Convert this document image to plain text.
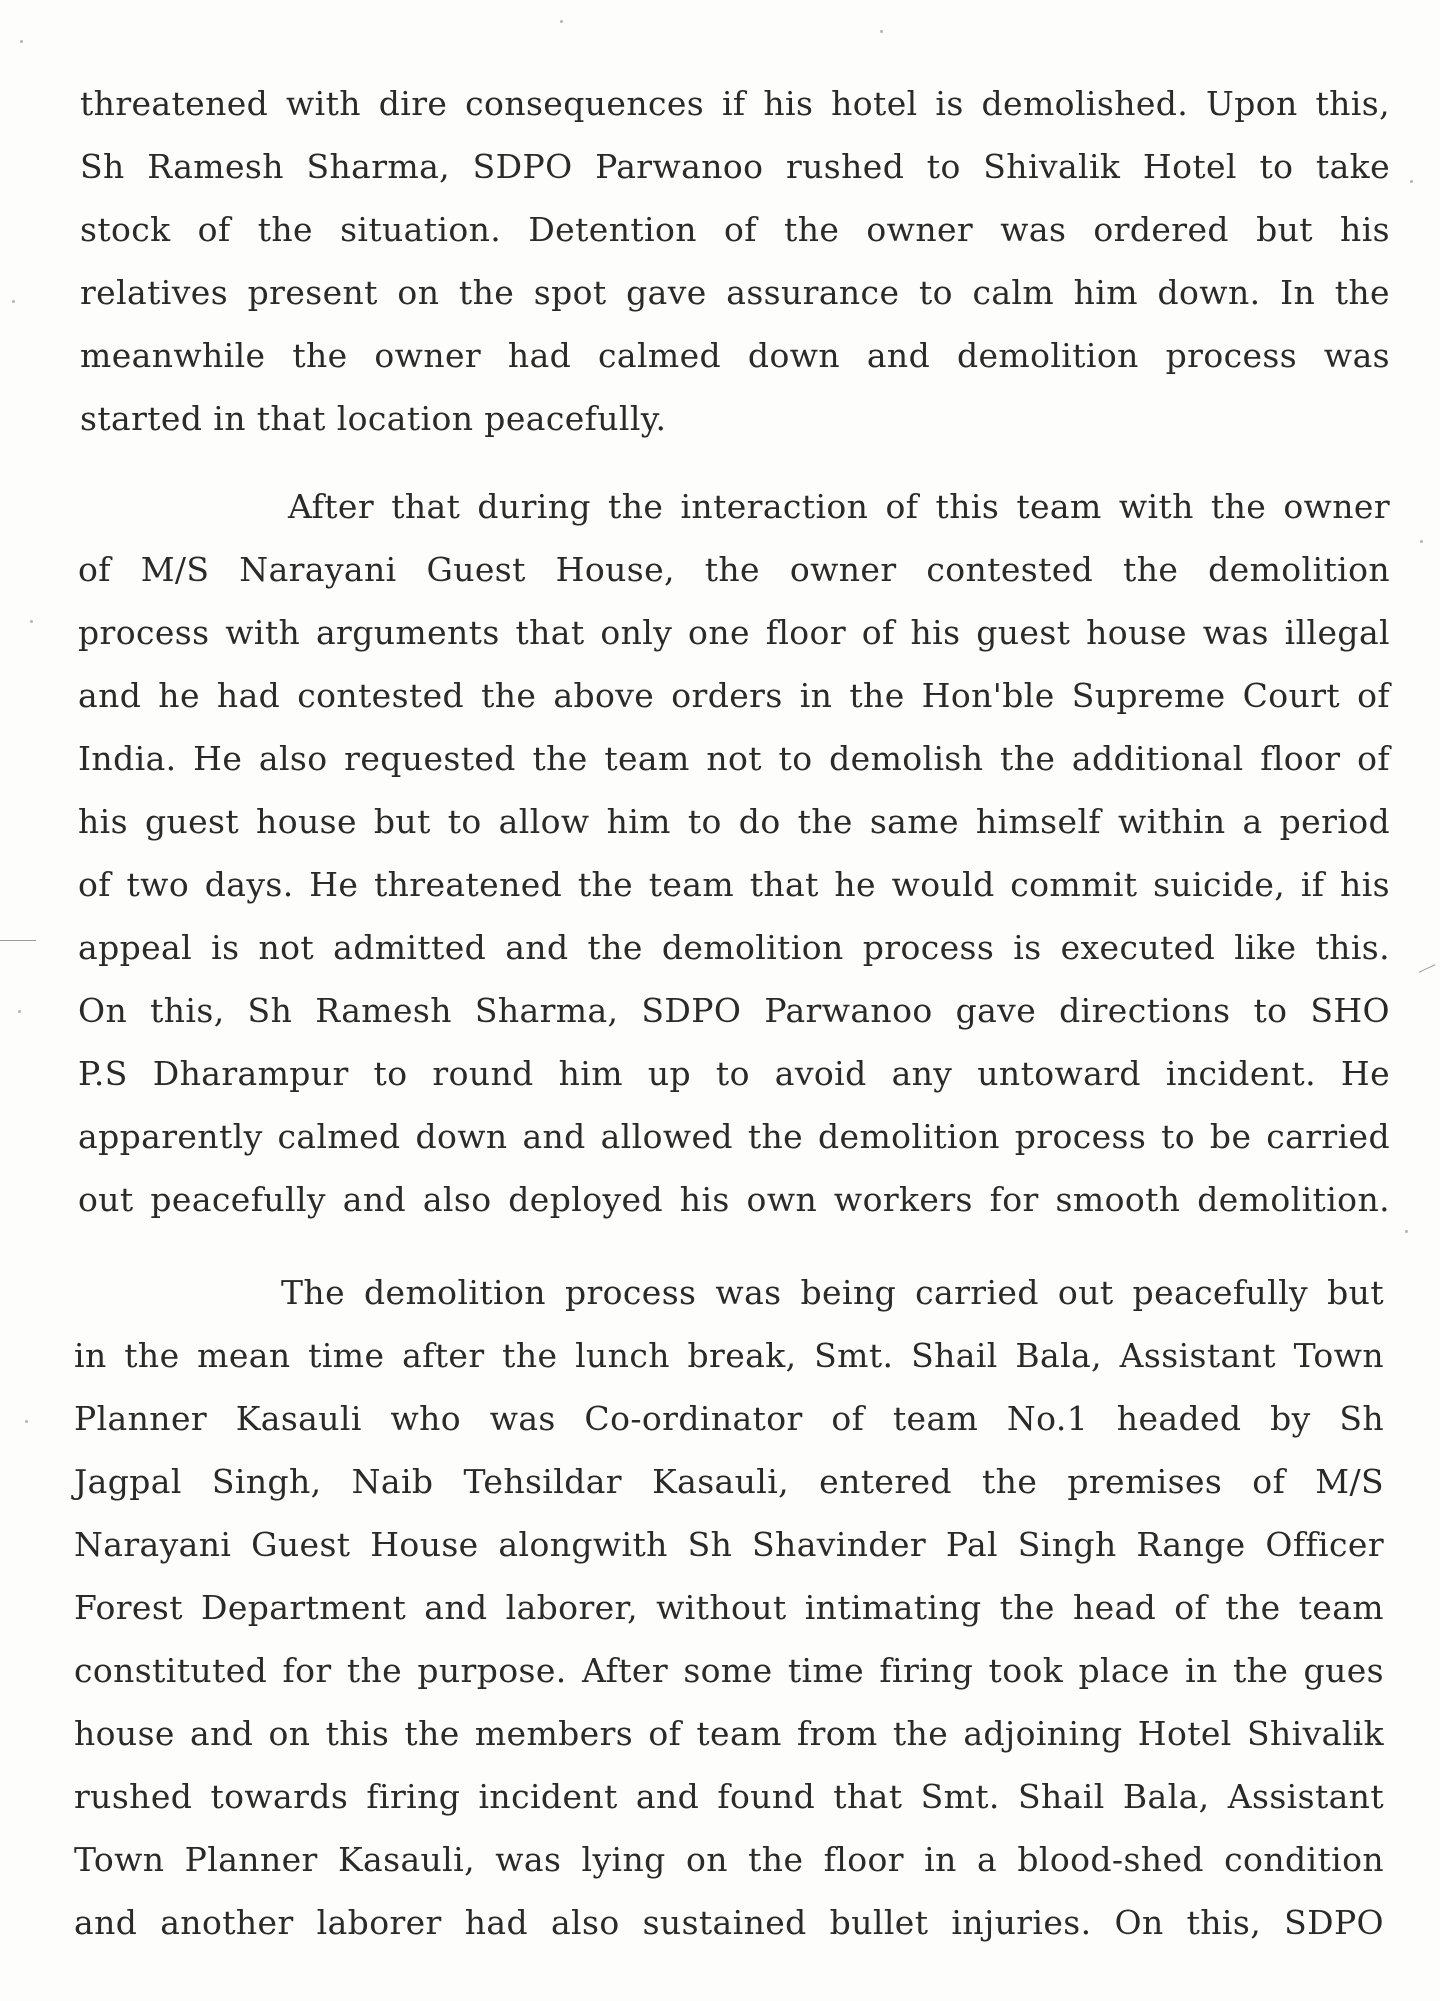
threatened with dire consequences if his hotel is demolished. Upon this,
Sh Ramesh Sharma, SDPO Parwanoo rushed to Shivalik Hotel to take
stock of the situation. Detention of the owner was ordered but his
relatives present on the spot gave assurance to calm him down. In the
meanwhile the owner had calmed down and demolition process was
started in that location peacefully.
After that during the interaction of this team with the owner
of M/S Narayani Guest House, the owner contested the demolition
process with arguments that only one floor of his guest house was illegal
and he had contested the above orders in the Hon'ble Supreme Court of
India. He also requested the team not to demolish the additional floor of
his guest house but to allow him to do the same himself within a period
of two days. He threatened the team that he would commit suicide, if his
appeal is not admitted and the demolition process is executed like this.
On this, Sh Ramesh Sharma, SDPO Parwanoo gave directions to SHO
P.S Dharampur to round him up to avoid any untoward incident. He
apparently calmed down and allowed the demolition process to be carried
out peacefully and also deployed his own workers for smooth demolition.
The demolition process was being carried out peacefully but
in the mean time after the lunch break, Smt. Shail Bala, Assistant Town
Planner Kasauli who was Co-ordinator of team No.1 headed by Sh
Jagpal Singh, Naib Tehsildar Kasauli, entered the premises of M/S
Narayani Guest House alongwith Sh Shavinder Pal Singh Range Officer
Forest Department and laborer, without intimating the head of the team
constituted for the purpose. After some time firing took place in the gues
house and on this the members of team from the adjoining Hotel Shivalik
rushed towards firing incident and found that Smt. Shail Bala, Assistant
Town Planner Kasauli, was lying on the floor in a blood-shed condition
and another laborer had also sustained bullet injuries. On this, SDPO
